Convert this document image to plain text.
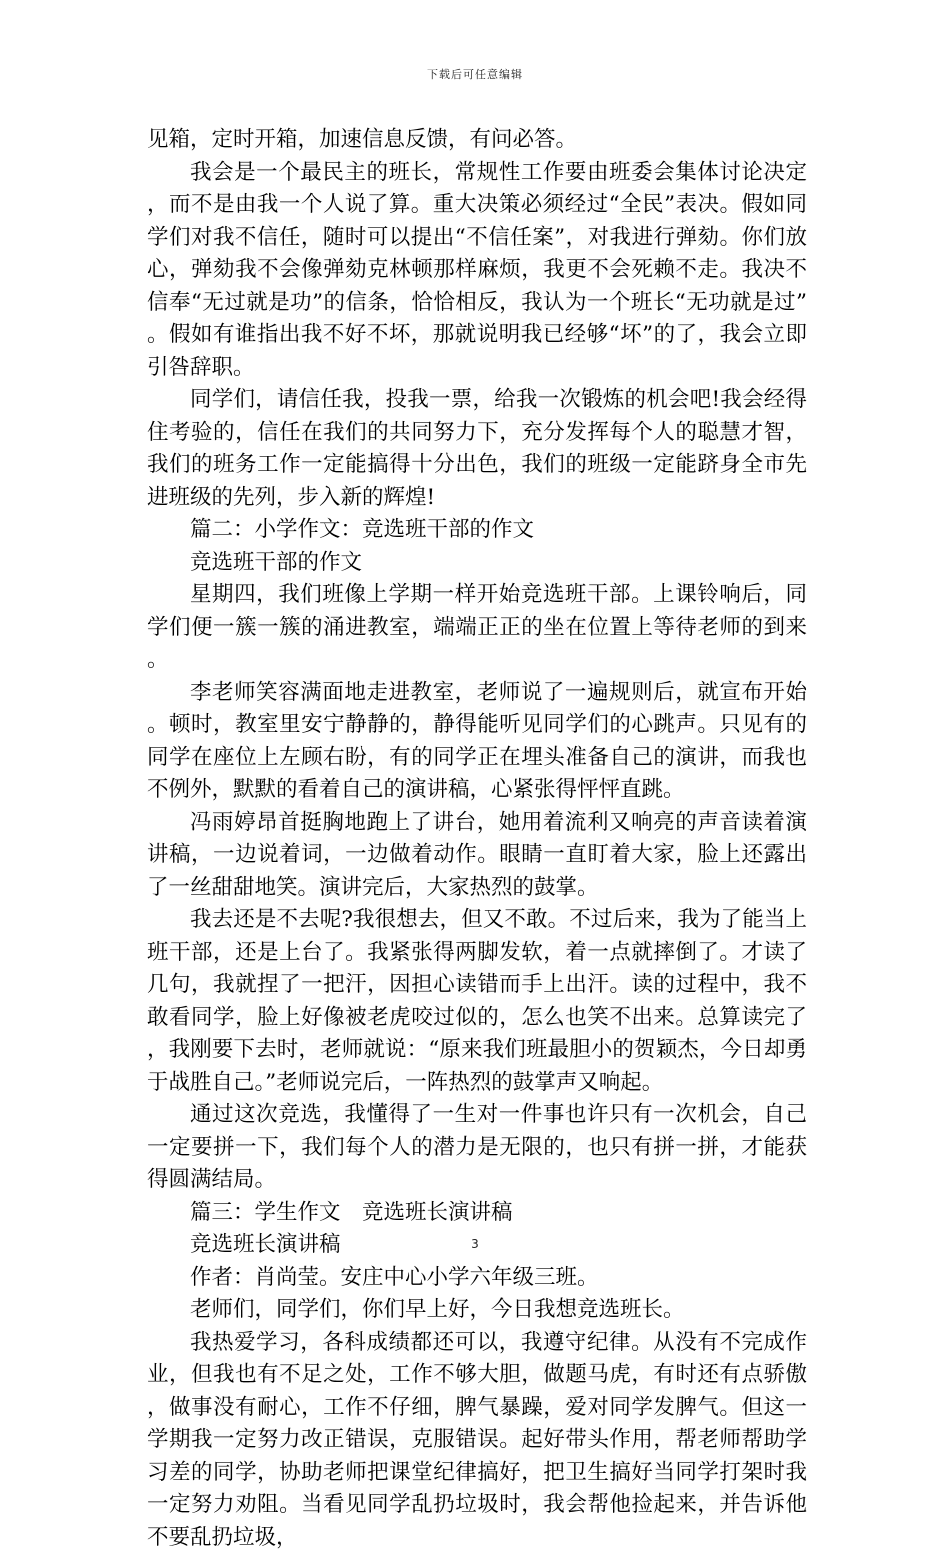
下载后可任意编辑

见箱，定时开箱，加速信息反馈，有问必答。

我会是一个最民主的班长，常规性工作要由班委会集体讨论决定，而不是由我一个人说了算。重大决策必须经过“全民”表决。假如同学们对我不信任，随时可以提出“不信任案”，对我进行弹劾。你们放心，弹劾我不会像弹劾克林顿那样麻烦，我更不会死赖不走。我决不信奉“无过就是功”的信条，恰恰相反，我认为一个班长“无功就是过”。假如有谁指出我不好不坏，那就说明我已经够“坏”的了，我会立即引咎辞职。

同学们，请信任我，投我一票，给我一次锻炼的机会吧!我会经得住考验的，信任在我们的共同努力下，充分发挥每个人的聪慧才智，我们的班务工作一定能搞得十分出色，我们的班级一定能跻身全市先进班级的先列，步入新的辉煌!

篇二：小学作文：竞选班干部的作文

竞选班干部的作文

星期四，我们班像上学期一样开始竞选班干部。上课铃响后，同学们便一簇一簇的涌进教室，端端正正的坐在位置上等待老师的到来。

李老师笑容满面地走进教室，老师说了一遍规则后，就宣布开始。顿时，教室里安宁静静的，静得能听见同学们的心跳声。只见有的同学在座位上左顾右盼，有的同学正在埋头准备自己的演讲，而我也不例外，默默的看着自己的演讲稿，心紧张得怦怦直跳。

冯雨婷昂首挺胸地跑上了讲台，她用着流利又响亮的声音读着演讲稿，一边说着词，一边做着动作。眼睛一直盯着大家，脸上还露出了一丝甜甜地笑。演讲完后，大家热烈的鼓掌。

我去还是不去呢?我很想去，但又不敢。不过后来，我为了能当上班干部，还是上台了。我紧张得两脚发软，着一点就摔倒了。才读了几句，我就捏了一把汗，因担心读错而手上出汗。读的过程中，我不敢看同学，脸上好像被老虎咬过似的，怎么也笑不出来。总算读完了，我刚要下去时，老师就说：“原来我们班最胆小的贺颖杰，今日却勇于战胜自己。”老师说完后，一阵热烈的鼓掌声又响起。

通过这次竞选，我懂得了一生对一件事也许只有一次机会，自己一定要拼一下，我们每个人的潜力是无限的，也只有拼一拼，才能获得圆满结局。

篇三：学生作文　竞选班长演讲稿

竞选班长演讲稿

作者：肖尚莹。安庄中心小学六年级三班。

老师们，同学们，你们早上好，今日我想竞选班长。

我热爱学习，各科成绩都还可以，我遵守纪律。从没有不完成作业，但我也有不足之处，工作不够大胆，做题马虎，有时还有点骄傲，做事没有耐心，工作不仔细，脾气暴躁，爱对同学发脾气。但这一学期我一定努力改正错误，克服错误。起好带头作用，帮老师帮助学习差的同学，协助老师把课堂纪律搞好，把卫生搞好当同学打架时我一定努力劝阻。当看见同学乱扔垃圾时，我会帮他捡起来，并告诉他不要乱扔垃圾，

3
